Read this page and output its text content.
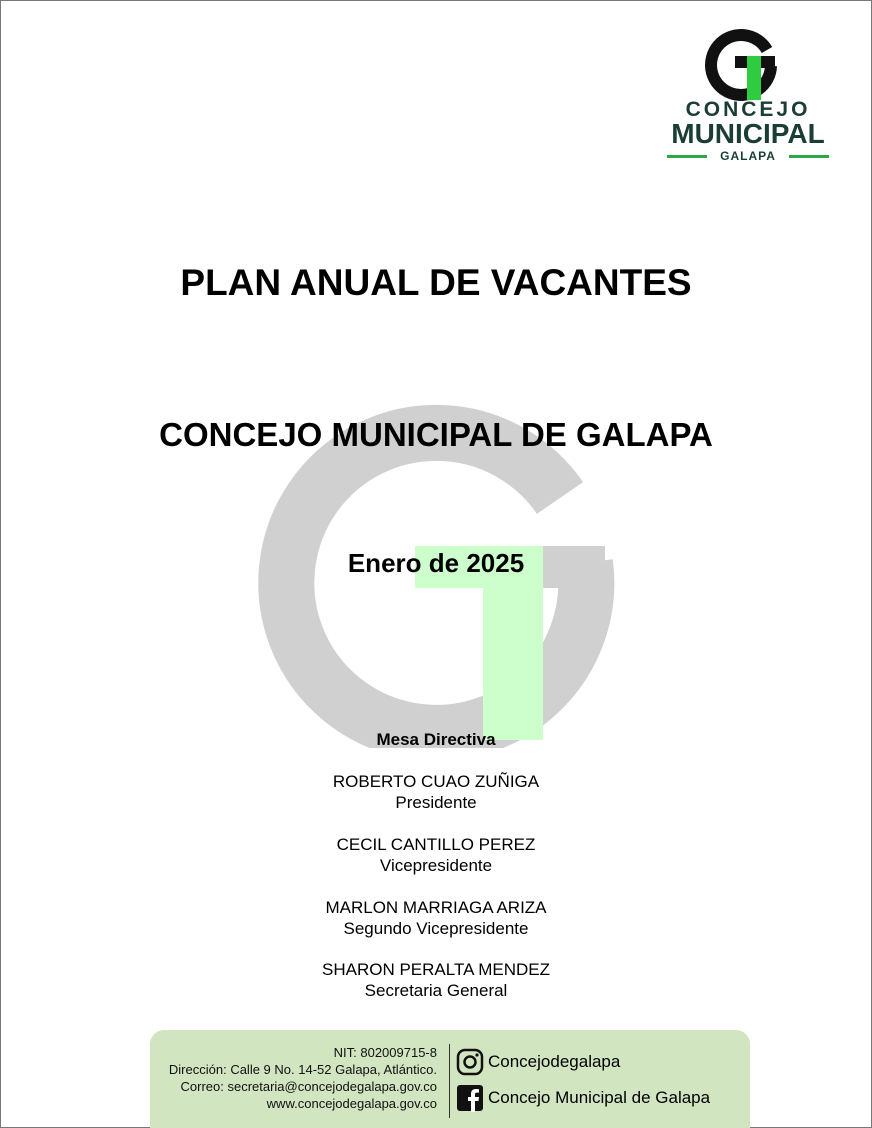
CONCEJO
MUNICIPAL
GALAPA
PLAN ANUAL DE VACANTES
CONCEJO MUNICIPAL DE GALAPA
Enero de 2025
Mesa Directiva
ROBERTO CUAO ZUÑIGA
Presidente
CECIL CANTILLO PEREZ
Vicepresidente
MARLON MARRIAGA ARIZA
Segundo Vicepresidente
SHARON PERALTA MENDEZ
Secretaria General
NIT: 802009715-8
Dirección: Calle 9 No. 14-52 Galapa, Atlántico.
Correo: secretaria@concejodegalapa.gov.co
www.concejodegalapa.gov.co
Concejodegalapa
Concejo Municipal de Galapa
